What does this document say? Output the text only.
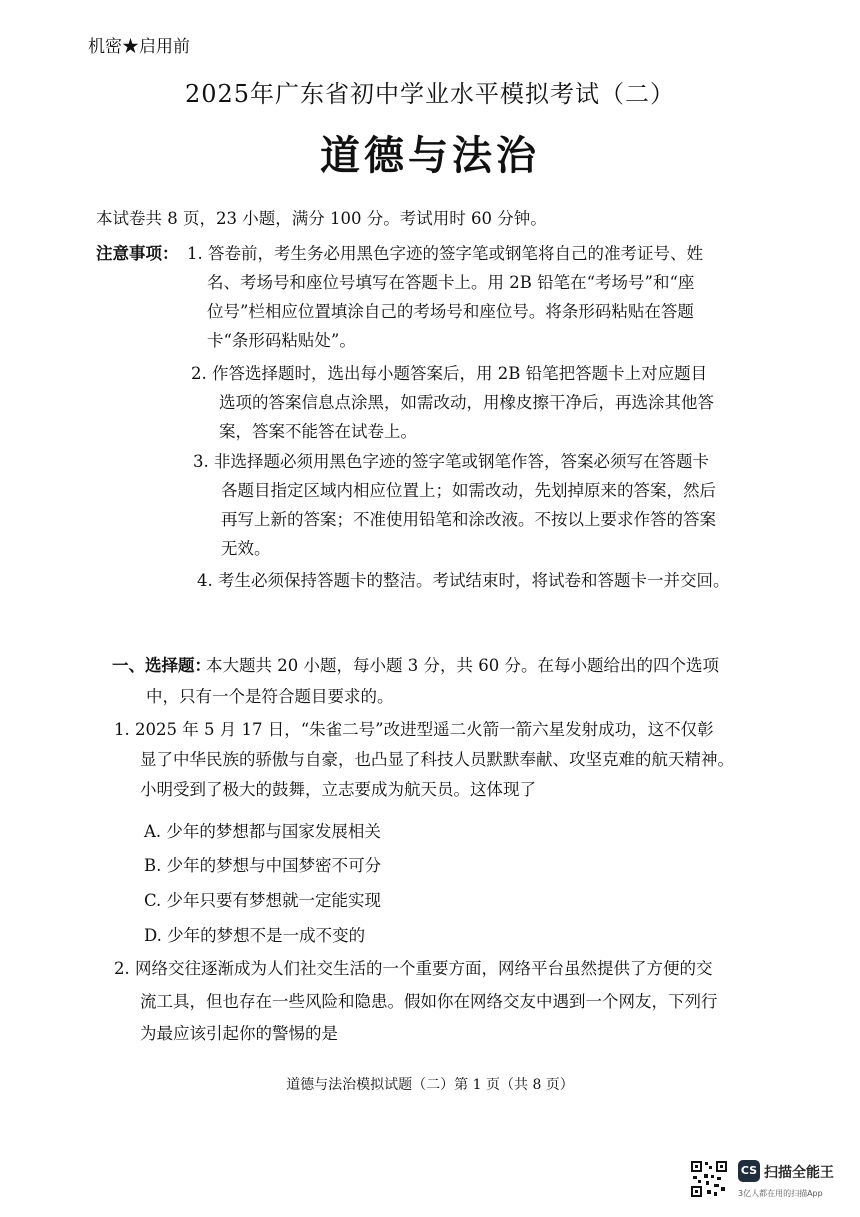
机密★启用前
2025年广东省初中学业水平模拟考试（二）
道德与法治
本试卷共 8 页，23 小题，满分 100 分。考试用时 60 分钟。
注意事项： 1. 答卷前，考生务必用黑色字迹的签字笔或钢笔将自己的准考证号、姓
名、考场号和座位号填写在答题卡上。用 2B 铅笔在“考场号”和“座
位号”栏相应位置填涂自己的考场号和座位号。将条形码粘贴在答题
卡“条形码粘贴处”。
2. 作答选择题时，选出每小题答案后，用 2B 铅笔把答题卡上对应题目
选项的答案信息点涂黑，如需改动，用橡皮擦干净后，再选涂其他答
案，答案不能答在试卷上。
3. 非选择题必须用黑色字迹的签字笔或钢笔作答，答案必须写在答题卡
各题目指定区域内相应位置上；如需改动，先划掉原来的答案，然后
再写上新的答案；不准使用铅笔和涂改液。不按以上要求作答的答案
无效。
4. 考生必须保持答题卡的整洁。考试结束时，将试卷和答题卡一并交回。
一、选择题：
本大题共 20 小题，每小题 3 分，共 60 分。在每小题给出的四个选项
中，只有一个是符合题目要求的。
1. 2025 年 5 月 17 日，“朱雀二号”改进型遥二火箭一箭六星发射成功，这不仅彰
显了中华民族的骄傲与自豪，也凸显了科技人员默默奉献、攻坚克难的航天精神。
小明受到了极大的鼓舞，立志要成为航天员。这体现了
A. 少年的梦想都与国家发展相关
B. 少年的梦想与中国梦密不可分
C. 少年只要有梦想就一定能实现
D. 少年的梦想不是一成不变的
2. 网络交往逐渐成为人们社交生活的一个重要方面，网络平台虽然提供了方便的交
流工具，但也存在一些风险和隐患。假如你在网络交友中遇到一个网友，下列行
为最应该引起你的警惕的是
道德与法治模拟试题（二）第 1 页（共 8 页）
CS 扫描全能王
3亿人都在用的扫描App
